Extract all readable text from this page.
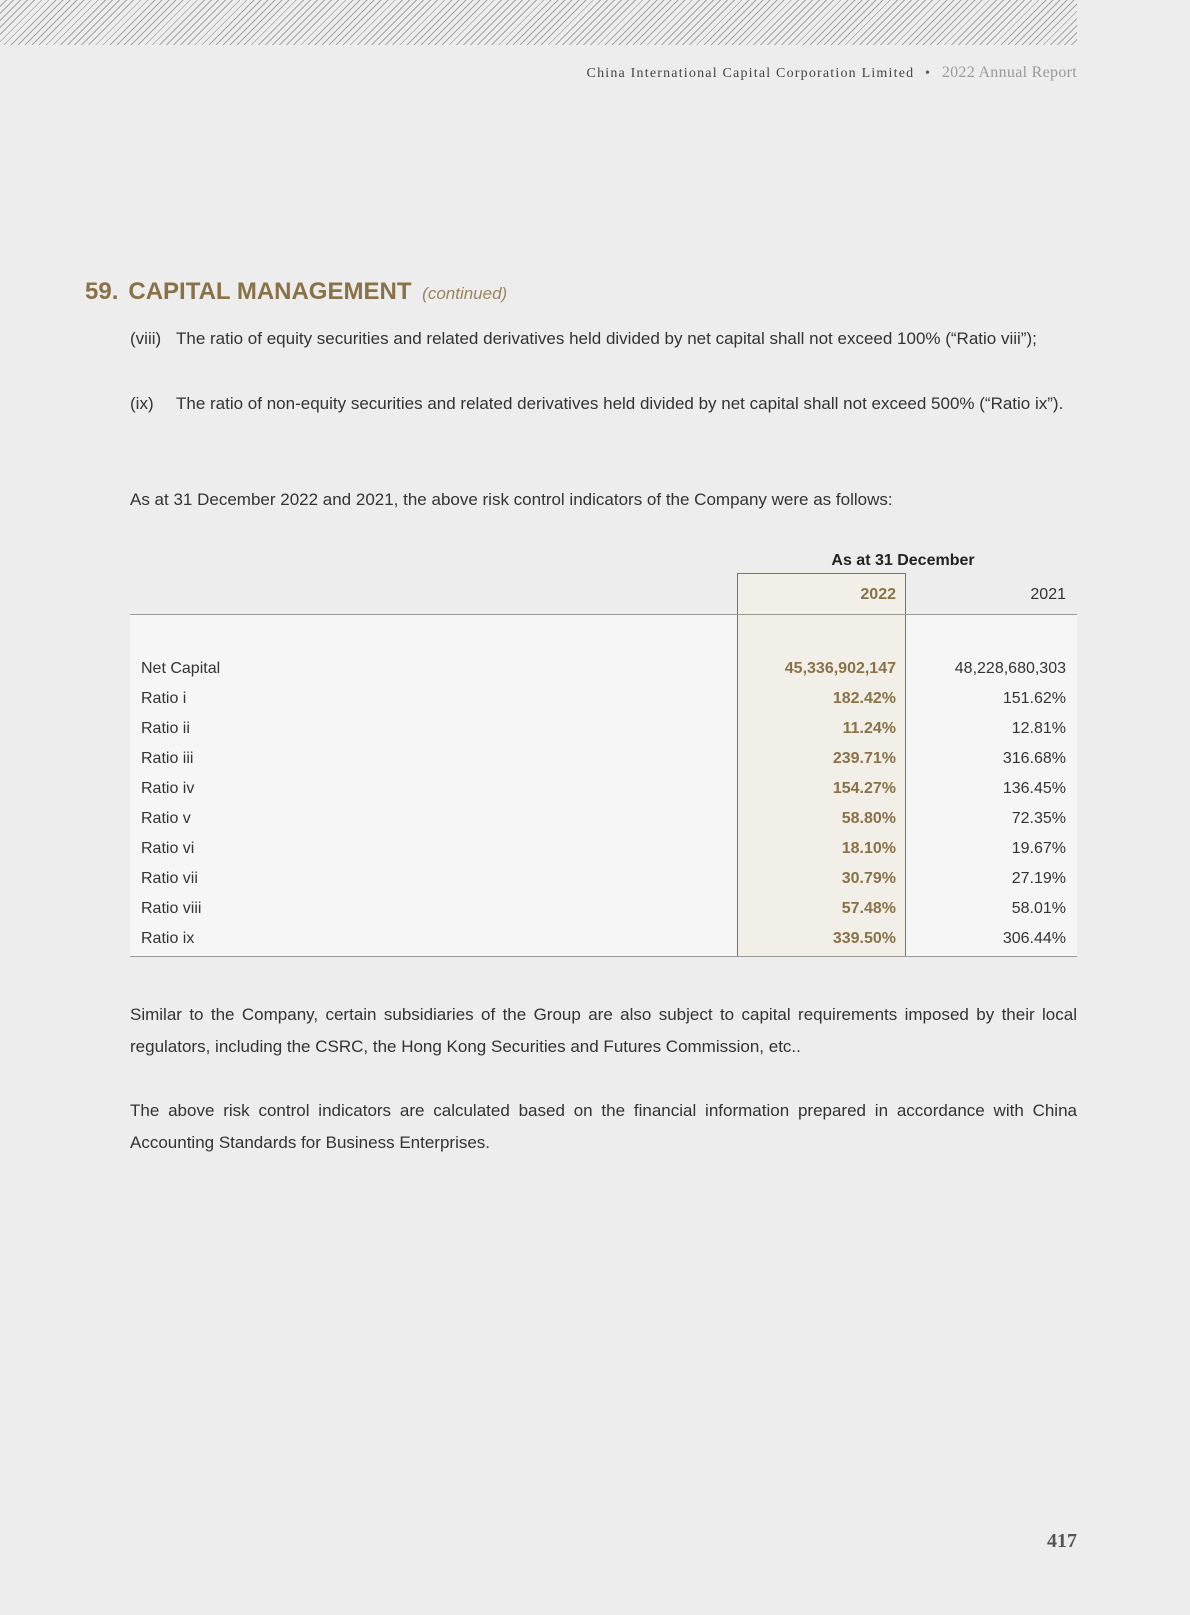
China International Capital Corporation Limited • 2022 Annual Report
59. CAPITAL MANAGEMENT (continued)
(viii) The ratio of equity securities and related derivatives held divided by net capital shall not exceed 100% (“Ratio viii”);
(ix) The ratio of non-equity securities and related derivatives held divided by net capital shall not exceed 500% (“Ratio ix”).
As at 31 December 2022 and 2021, the above risk control indicators of the Company were as follows:
As at 31 December
2022	2021
Net Capital	45,336,902,147	48,228,680,303
Ratio i	182.42%	151.62%
Ratio ii	11.24%	12.81%
Ratio iii	239.71%	316.68%
Ratio iv	154.27%	136.45%
Ratio v	58.80%	72.35%
Ratio vi	18.10%	19.67%
Ratio vii	30.79%	27.19%
Ratio viii	57.48%	58.01%
Ratio ix	339.50%	306.44%
Similar to the Company, certain subsidiaries of the Group are also subject to capital requirements imposed by their local regulators, including the CSRC, the Hong Kong Securities and Futures Commission, etc..
The above risk control indicators are calculated based on the financial information prepared in accordance with China Accounting Standards for Business Enterprises.
417
